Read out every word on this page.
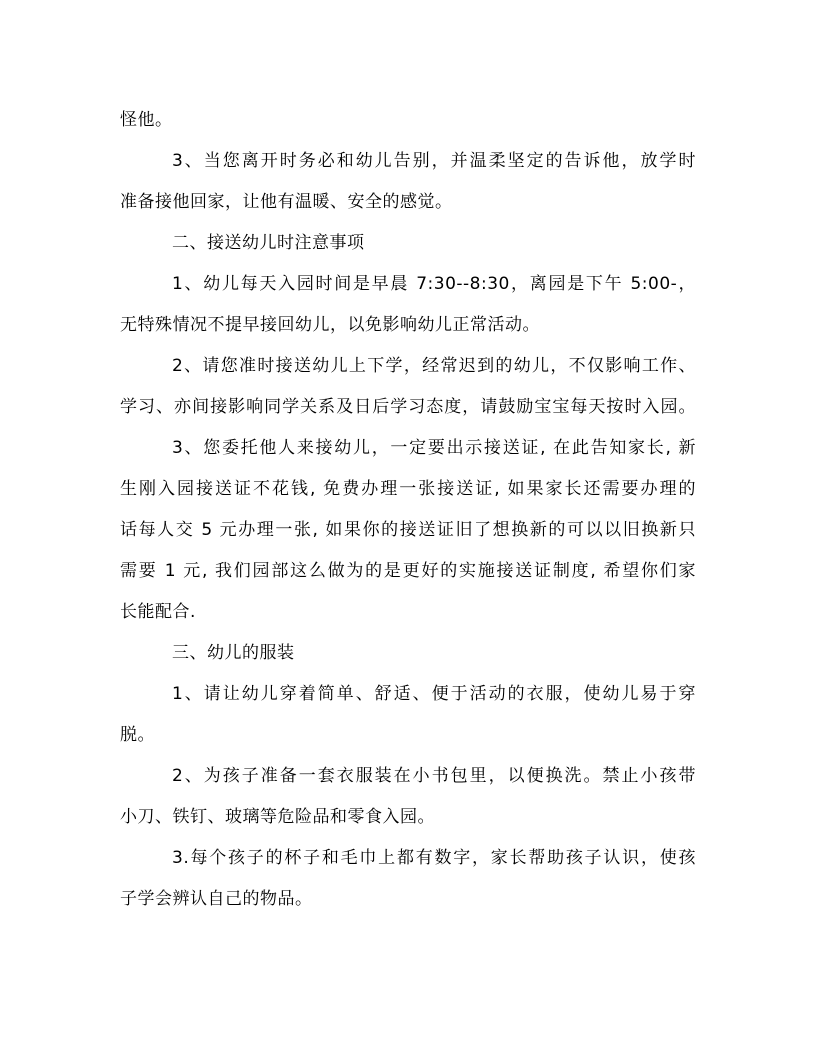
怪他。

3、当您离开时务必和幼儿告别，并温柔坚定的告诉他，放学时

准备接他回家，让他有温暖、安全的感觉。

二、接送幼儿时注意事项

1、幼儿每天入园时间是早晨 7:30--8:30，离园是下午 5:00-，

无特殊情况不提早接回幼儿，以免影响幼儿正常活动。

2、请您准时接送幼儿上下学，经常迟到的幼儿，不仅影响工作、

学习、亦间接影响同学关系及日后学习态度，请鼓励宝宝每天按时入园。

3、您委托他人来接幼儿，一定要出示接送证, 在此告知家长, 新

生刚入园接送证不花钱, 免费办理一张接送证, 如果家长还需要办理的

话每人交 5 元办理一张, 如果你的接送证旧了想换新的可以以旧换新只

需要 1 元, 我们园部这么做为的是更好的实施接送证制度, 希望你们家

长能配合.

三、幼儿的服装

1、请让幼儿穿着简单、舒适、便于活动的衣服，使幼儿易于穿

脱。

2、为孩子准备一套衣服装在小书包里，以便换洗。禁止小孩带

小刀、铁钉、玻璃等危险品和零食入园。

3.每个孩子的杯子和毛巾上都有数字，家长帮助孩子认识，使孩

子学会辨认自己的物品。
